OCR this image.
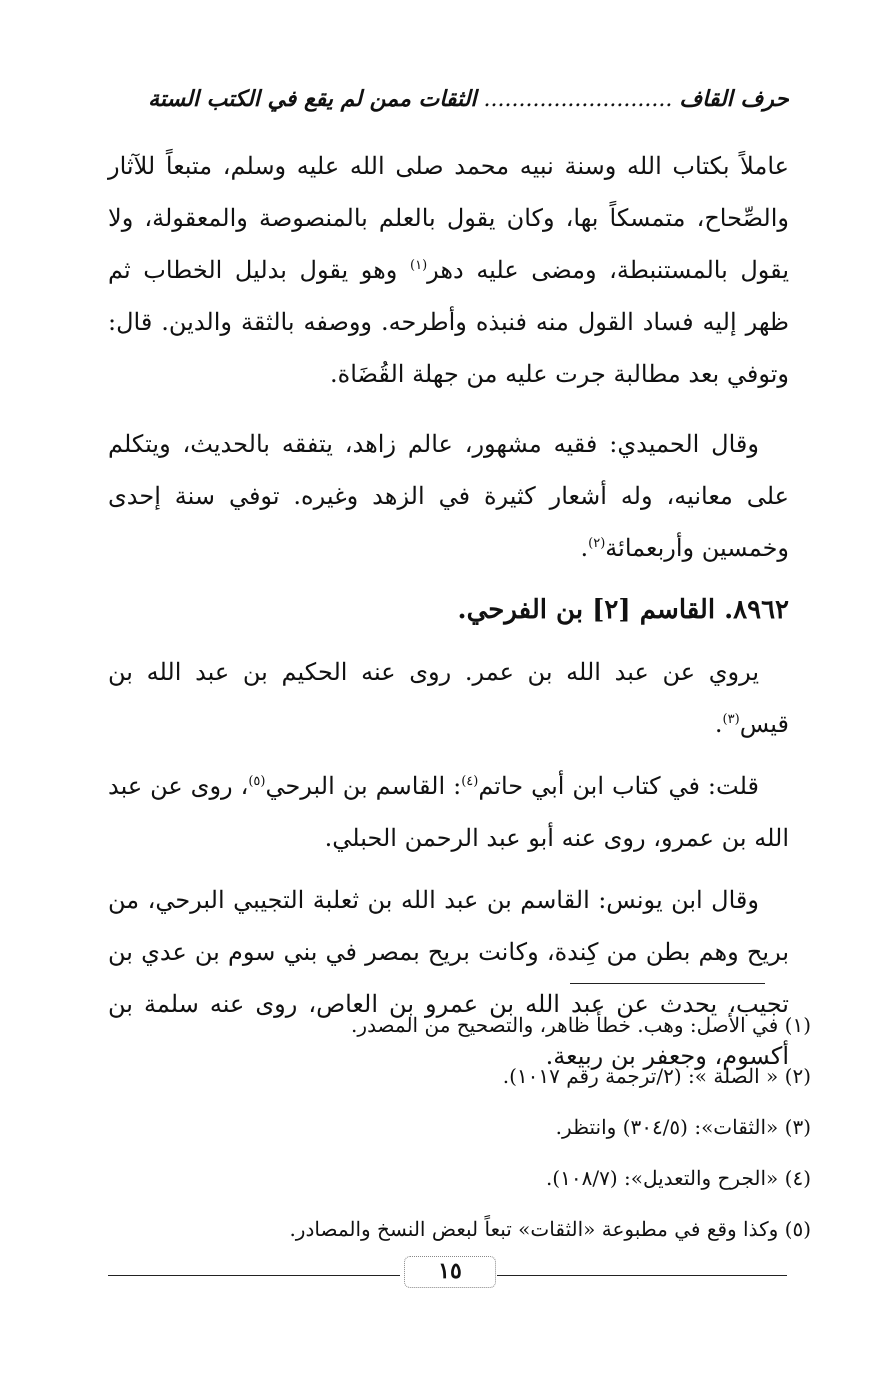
حرف القاف ........................... الثقات ممن لم يقع في الكتب الستة

عاملاً بكتاب الله وسنة نبيه محمد صلى الله عليه وسلم، متبعاً للآثار والصِّحاح، متمسكاً بها، وكان يقول بالعلم بالمنصوصة والمعقولة، ولا يقول بالمستنبطة، ومضى عليه دهر$^{(١)}$ وهو يقول بدليل الخطاب ثم ظهر إليه فساد القول منه فنبذه وأطرحه. ووصفه بالثقة والدين. قال: وتوفي بعد مطالبة جرت عليه من جهلة القُضَاة.

وقال الحميدي: فقيه مشهور، عالم زاهد، يتفقه بالحديث، ويتكلم على معانيه، وله أشعار كثيرة في الزهد وغيره. توفي سنة إحدى وخمسين وأربعمائة$^{(٢)}$.

٨٩٦٢. القاسم [٢] بن الفرحي.

يروي عن عبد الله بن عمر. روى عنه الحكيم بن عبد الله بن قيس$^{(٣)}$.

قلت: في كتاب ابن أبي حاتم$^{(٤)}$: القاسم بن البرحي$^{(٥)}$، روى عن عبد الله بن عمرو، روى عنه أبو عبد الرحمن الحبلي.

وقال ابن يونس: القاسم بن عبد الله بن ثعلبة التجيبي البرحي، من بريح وهم بطن من كِندة، وكانت بريح بمصر في بني سوم بن عدي بن تجيب، يحدث عن عبد الله بن عمرو بن العاص، روى عنه سلمة بن أكسوم، وجعفر بن ربيعة.

(١) في الأصل: وهب. خطأ ظاهر، والتصحيح من المصدر.

(٢) « الصلة »: (٢/ترجمة رقم ١٠١٧).

(٣) «الثقات»: (٣٠٤/٥) وانتظر.

(٤) «الجرح والتعديل»: (١٠٨/٧).

(٥) وكذا وقع في مطبوعة «الثقات» تبعاً لبعض النسخ والمصادر.

١٥
